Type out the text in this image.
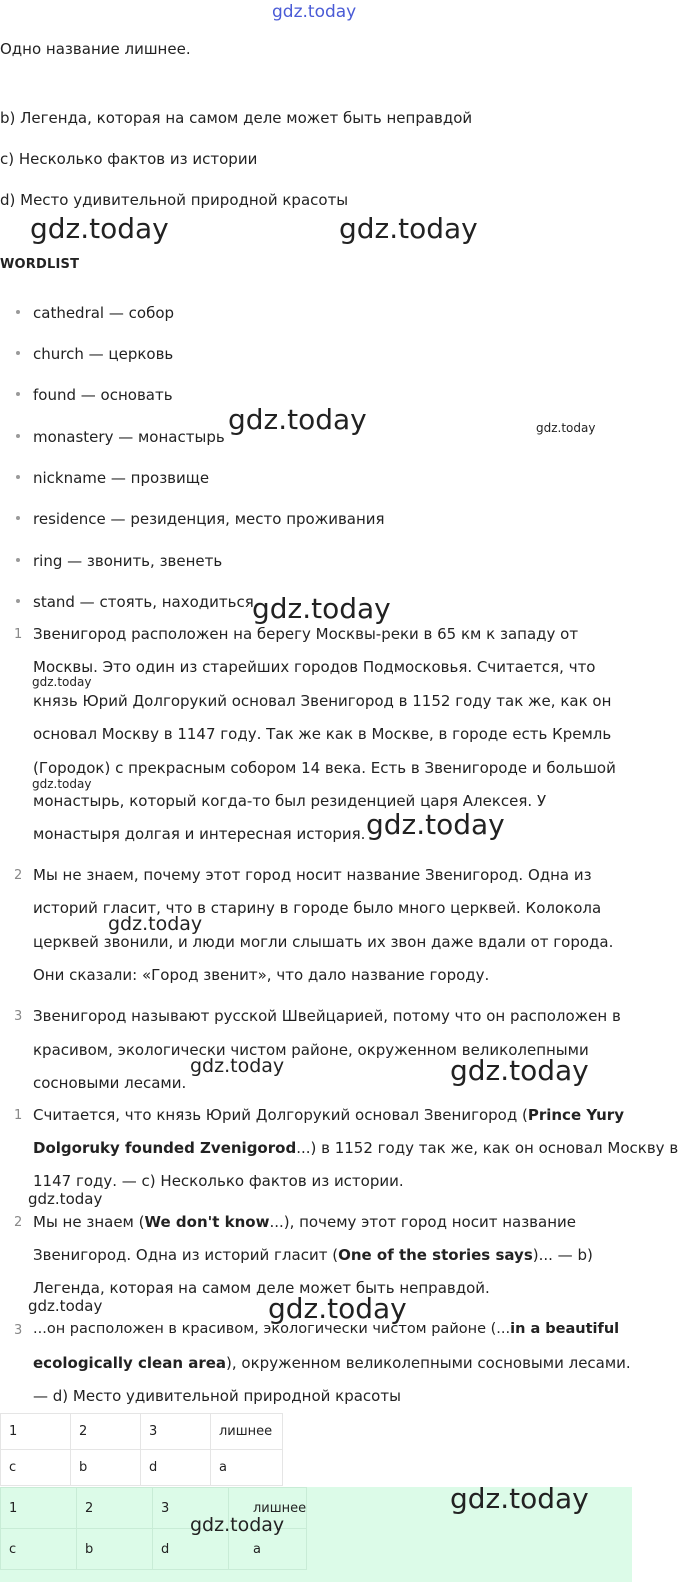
gdz.today
Одно название лишнее.
b) Легенда, которая на самом деле может быть неправдой
c) Несколько фактов из истории
d) Место удивительной природной красоты
gdz.today	gdz.today
WORDLIST
cathedral — собор
church — церковь
found — основать
monastery — монастырь
nickname — прозвище
residence — резиденция, место проживания
ring — звонить, звенеть
stand — стоять, находиться
gdz.today	gdz.today
gdz.today
1 Звенигород расположен на берегу Москвы-реки в 65 км к западу от
Москвы. Это один из старейших городов Подмосковья. Считается, что
князь Юрий Долгорукий основал Звенигород в 1152 году так же, как он
основал Москву в 1147 году. Так же как в Москве, в городе есть Кремль
(Городок) с прекрасным собором 14 века. Есть в Звенигороде и большой
монастырь, который когда-то был резиденцией царя Алексея. У
монастыря долгая и интересная история.
gdz.today
gdz.today
gdz.today
2 Мы не знаем, почему этот город носит название Звенигород. Одна из
историй гласит, что в старину в городе было много церквей. Колокола
церквей звонили, и люди могли слышать их звон даже вдали от города.
Они сказали: «Город звенит», что дало название городу.
gdz.today
3 Звенигород называют русской Швейцарией, потому что он расположен в
красивом, экологически чистом районе, окруженном великолепными
сосновыми лесами.
gdz.today	gdz.today
1 Считается, что князь Юрий Долгорукий основал Звенигород (Prince Yury
Dolgoruky founded Zvenigorod...) в 1152 году так же, как он основал Москву в
1147 году. — c) Несколько фактов из истории.
gdz.today
2 Мы не знаем (We don't know...), почему этот город носит название
Звенигород. Одна из историй гласит (One of the stories says)... — b)
Легенда, которая на самом деле может быть неправдой.
gdz.today	gdz.today
3 ...он расположен в красивом, экологически чистом районе (...in a beautiful
ecologically clean area), окруженном великолепными сосновыми лесами.
— d) Место удивительной природной красоты
1	2	3	лишнее
c	b	d	a
1	2	3	лишнее
c	b	d	a
gdz.today
gdz.today
